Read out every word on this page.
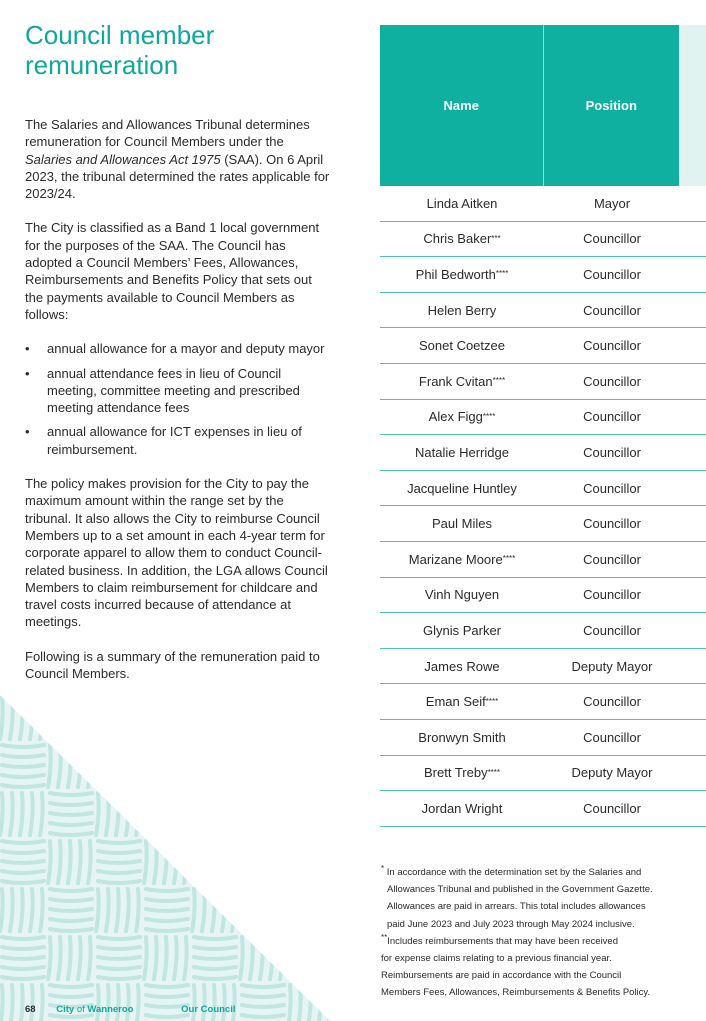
Council member remuneration

The Salaries and Allowances Tribunal determines remuneration for Council Members under the Salaries and Allowances Act 1975 (SAA). On 6 April 2023, the tribunal determined the rates applicable for 2023/24.

The City is classified as a Band 1 local government for the purposes of the SAA. The Council has adopted a Council Members’ Fees, Allowances, Reimbursements and Benefits Policy that sets out the payments available to Council Members as follows:

• annual allowance for a mayor and deputy mayor
• annual attendance fees in lieu of Council meeting, committee meeting and prescribed meeting attendance fees
• annual allowance for ICT expenses in lieu of reimbursement.

The policy makes provision for the City to pay the maximum amount within the range set by the tribunal. It also allows the City to reimburse Council Members up to a set amount in each 4-year term for corporate apparel to allow them to conduct Council-related business. In addition, the LGA allows Council Members to claim reimbursement for childcare and travel costs incurred because of attendance at meetings.

Following is a summary of the remuneration paid to Council Members.

Name	Position
Linda Aitken	Mayor
Chris Baker ***	Councillor
Phil Bedworth ****	Councillor
Helen Berry	Councillor
Sonet Coetzee	Councillor
Frank Cvitan ****	Councillor
Alex Figg ****	Councillor
Natalie Herridge	Councillor
Jacqueline Huntley	Councillor
Paul Miles	Councillor
Marizane Moore ****	Councillor
Vinh Nguyen	Councillor
Glynis Parker	Councillor
James Rowe	Deputy Mayor
Eman Seif ****	Councillor
Bronwyn Smith	Councillor
Brett Treby ****	Deputy Mayor
Jordan Wright	Councillor
* In accordance with the determination set by the Salaries and
Allowances Tribunal and published in the Government Gazette.
Allowances are paid in arrears. This total includes allowances
paid June 2023 and July 2023 through May 2024 inclusive.
**Includes reimbursements that may have been received
for expense claims relating to a previous financial year.
Reimbursements are paid in accordance with the Council
Members Fees, Allowances, Reimbursements & Benefits Policy.
68 City of Wanneroo	Our Council
